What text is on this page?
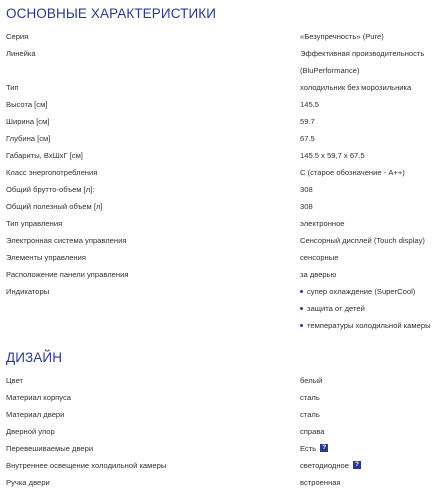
ОСНОВНЫЕ ХАРАКТЕРИСТИКИ
Серия	«Безупречность» (Pure)
Линейка	Эффективная производительность
(BluPerformance)
Тип	холодильник без морозильника
Высота [см]	145.5
Ширина [см]	59.7
Глубина [см]	67.5
Габариты, ВхШхГ [см]	145.5 x 59,7 x 67.5
Класс энергопотребления	C (старое обозначение - A++)
Общий брутто-объем [л]:	308
Общий полезный объем [л]	308
Тип управления	электронное
Электронная система управления	Сенсорный дисплей (Touch display)
Элементы управления	сенсорные
Расположение панели управления	за дверью
Индикаторы	супер охлаждение (SuperCool)
защита от детей
температуры холодильной камеры
ДИЗАЙН
Цвет	белый
Материал корпуса	сталь
Материал двери	сталь
Дверной упор	справа
Перевешиваемые двери	Есть ?
Внутреннее освещение холодильной камеры	светодиодное ?
Ручка двери	встроенная
